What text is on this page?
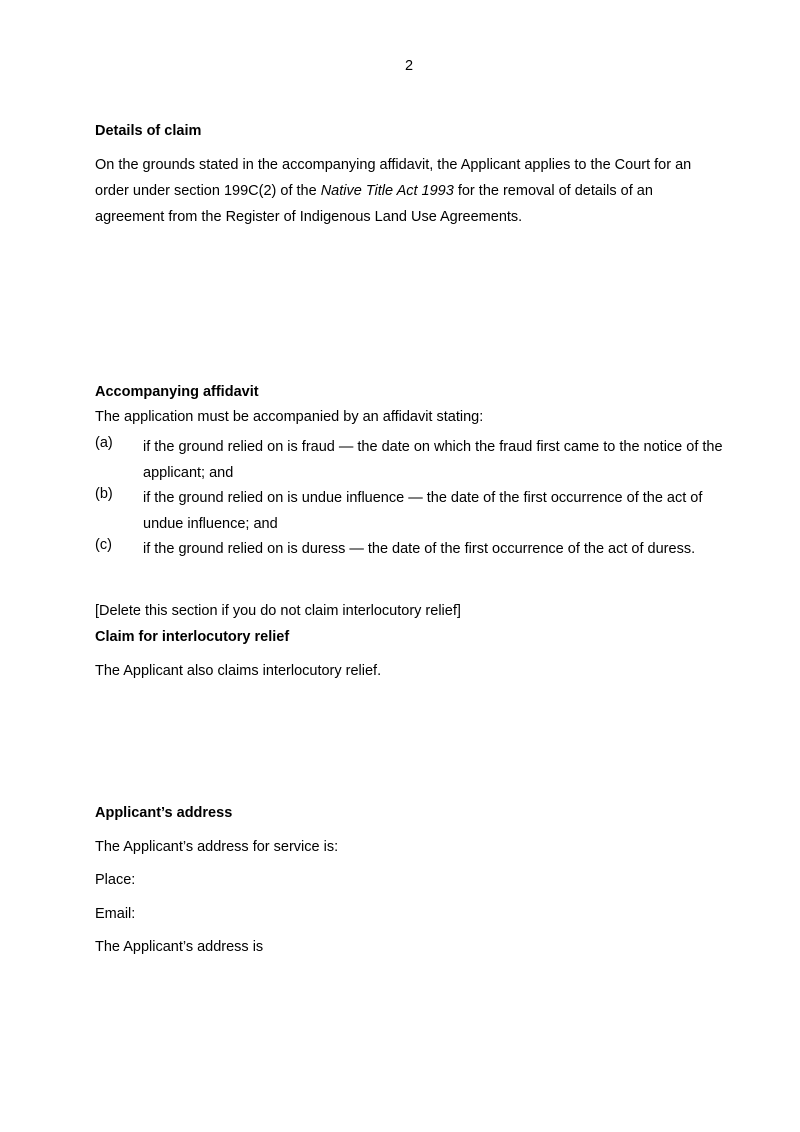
2
Details of claim
On the grounds stated in the accompanying affidavit, the Applicant applies to the Court for an order under section 199C(2) of the Native Title Act 1993 for the removal of details of an agreement from the Register of Indigenous Land Use Agreements.
Accompanying affidavit
The application must be accompanied by an affidavit stating:
(a) if the ground relied on is fraud — the date on which the fraud first came to the notice of the applicant; and
(b) if the ground relied on is undue influence — the date of the first occurrence of the act of undue influence; and
(c) if the ground relied on is duress — the date of the first occurrence of the act of duress.
[Delete this section if you do not claim interlocutory relief]
Claim for interlocutory relief
The Applicant also claims interlocutory relief.
Applicant’s address
The Applicant’s address for service is:
Place:
Email:
The Applicant’s address is
